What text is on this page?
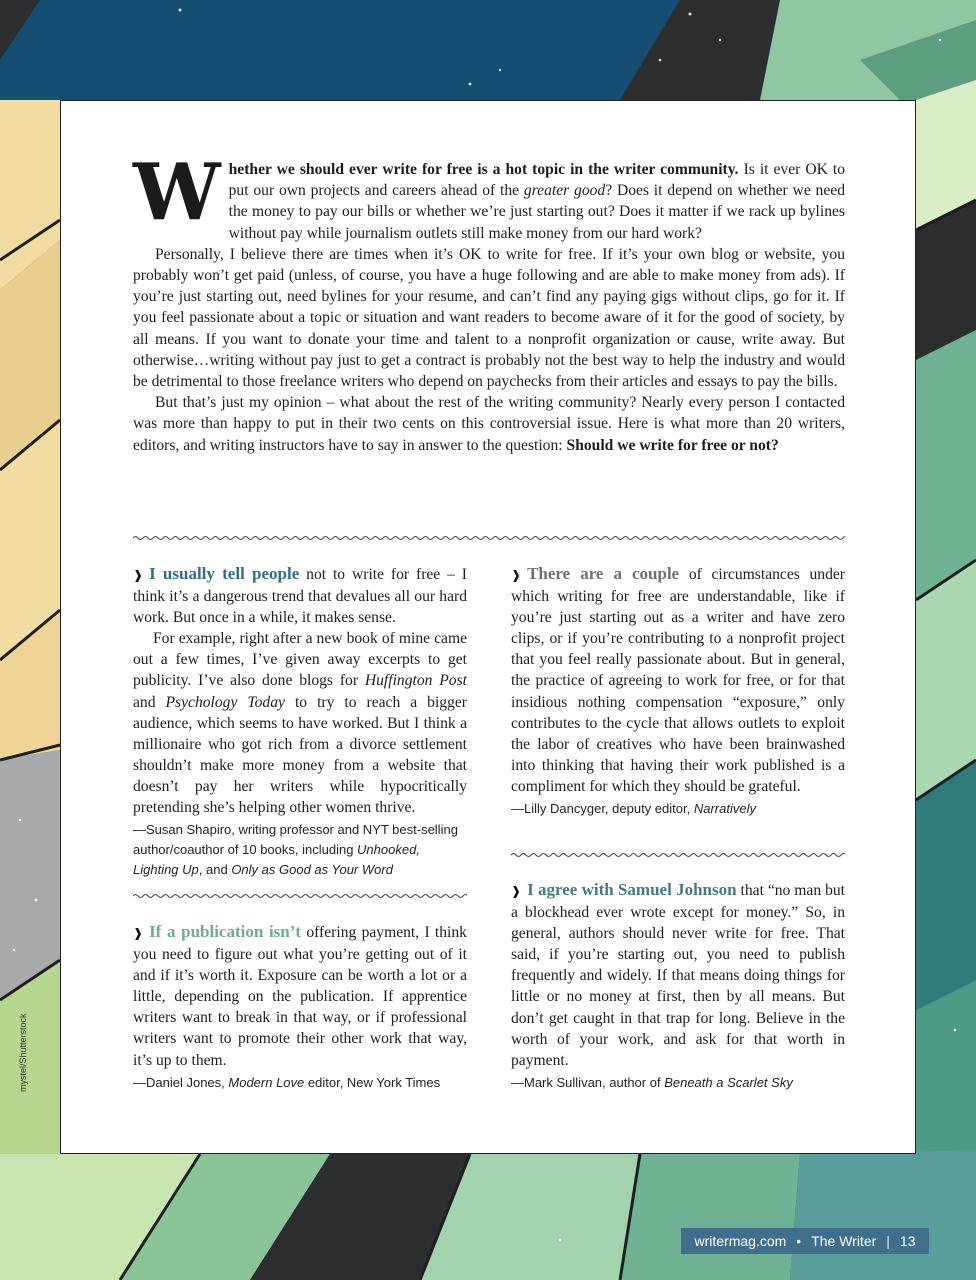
Whether we should ever write for free is a hot topic in the writer community. Is it ever OK to put our own projects and careers ahead of the greater good? Does it depend on whether we need the money to pay our bills or whether we’re just starting out? Does it matter if we rack up bylines without pay while journalism outlets still make money from our hard work?

Personally, I believe there are times when it’s OK to write for free. If it’s your own blog or website, you probably won’t get paid (unless, of course, you have a huge following and are able to make money from ads). If you’re just starting out, need bylines for your resume, and can’t find any paying gigs without clips, go for it. If you feel passionate about a topic or situation and want readers to become aware of it for the good of society, by all means. If you want to donate your time and talent to a nonprofit organization or cause, write away. But otherwise…writing without pay just to get a contract is probably not the best way to help the industry and would be detrimental to those freelance writers who depend on paychecks from their articles and essays to pay the bills.

But that’s just my opinion – what about the rest of the writing community? Nearly every person I contacted was more than happy to put in their two cents on this controversial issue. Here is what more than 20 writers, editors, and writing instructors have to say in answer to the question: Should we write for free or not?

❱ I usually tell people not to write for free – I think it’s a dangerous trend that devalues all our hard work. But once in a while, it makes sense.

For example, right after a new book of mine came out a few times, I’ve given away excerpts to get publicity. I’ve also done blogs for Huffington Post and Psychology Today to try to reach a bigger audience, which seems to have worked. But I think a millionaire who got rich from a divorce settlement shouldn’t make more money from a website that doesn’t pay her writers while hypocritically pretending she’s helping other women thrive.

—Susan Shapiro, writing professor and NYT best-selling author/coauthor of 10 books, including Unhooked, Lighting Up, and Only as Good as Your Word

❱ If a publication isn’t offering payment, I think you need to figure out what you’re getting out of it and if it’s worth it. Exposure can be worth a lot or a little, depending on the publication. If apprentice writers want to break in that way, or if professional writers want to promote their other work that way, it’s up to them.

—Daniel Jones, Modern Love editor, New York Times

❱ There are a couple of circumstances under which writing for free are understandable, like if you’re just starting out as a writer and have zero clips, or if you’re contributing to a nonprofit project that you feel really passionate about. But in general, the practice of agreeing to work for free, or for that insidious nothing compensation “exposure,” only contributes to the cycle that allows outlets to exploit the labor of creatives who have been brainwashed into thinking that having their work published is a compliment for which they should be grateful.

—Lilly Dancyger, deputy editor, Narratively

❱ I agree with Samuel Johnson that “no man but a blockhead ever wrote except for money.” So, in general, authors should never write for free. That said, if you’re starting out, you need to publish frequently and widely. If that means doing things for little or no money at first, then by all means. But don’t get caught in that trap for long. Believe in the worth of your work, and ask for that worth in payment.

—Mark Sullivan, author of Beneath a Scarlet Sky
mystel/Shutterstock
writermag.com • The Writer | 13
